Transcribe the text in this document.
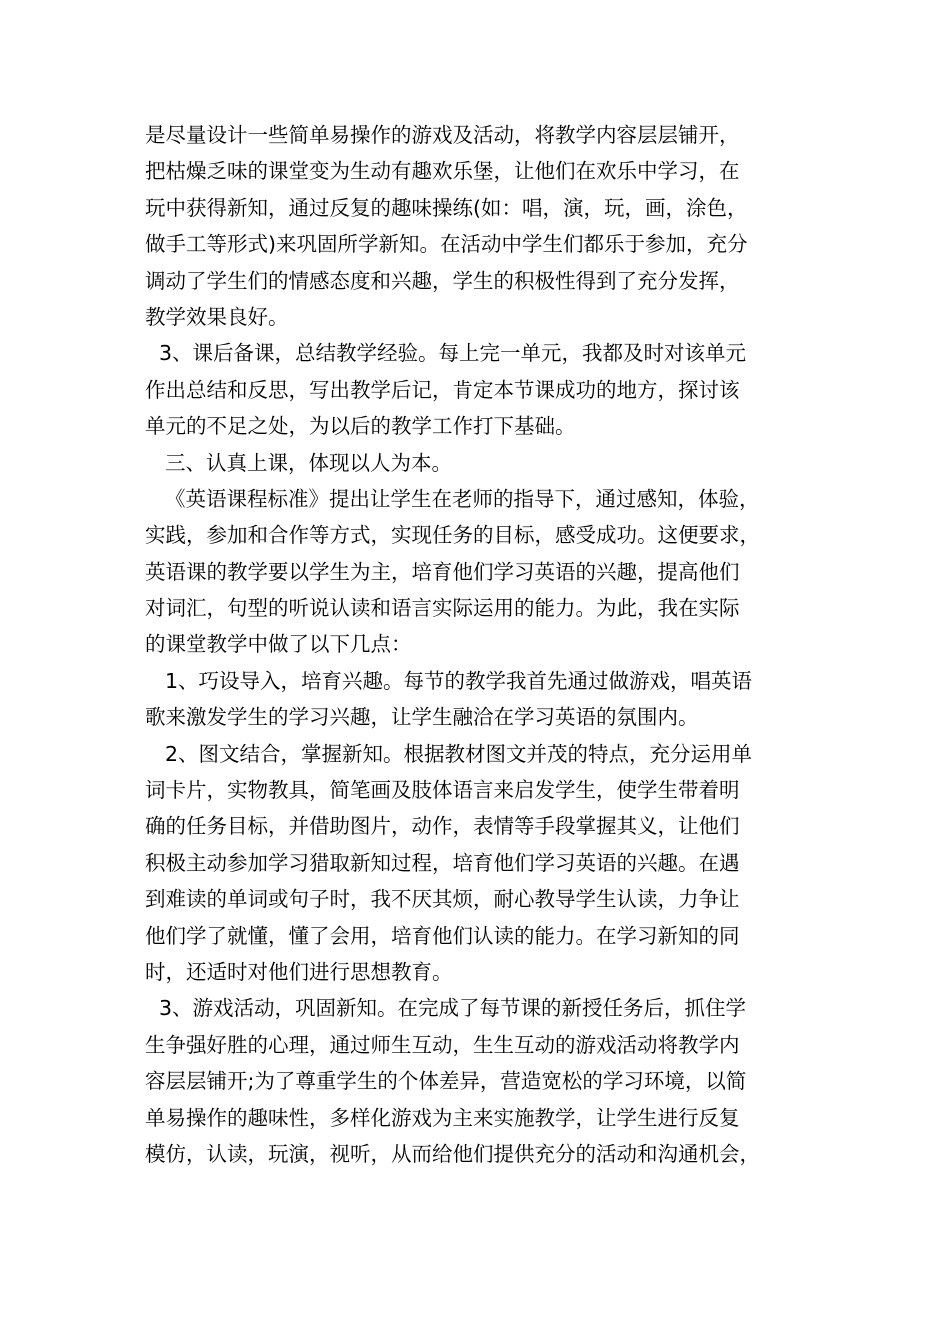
是尽量设计一些简单易操作的游戏及活动，将教学内容层层铺开，
把枯燥乏味的课堂变为生动有趣欢乐堡，让他们在欢乐中学习，在
玩中获得新知，通过反复的趣味操练(如：唱，演，玩，画，涂色，
做手工等形式)来巩固所学新知。在活动中学生们都乐于参加，充分
调动了学生们的情感态度和兴趣，学生的积极性得到了充分发挥，
教学效果良好。
3、课后备课，总结教学经验。每上完一单元，我都及时对该单元
作出总结和反思，写出教学后记，肯定本节课成功的地方，探讨该
单元的不足之处，为以后的教学工作打下基础。
三、认真上课，体现以人为本。
《英语课程标准》提出让学生在老师的指导下，通过感知，体验，
实践，参加和合作等方式，实现任务的目标，感受成功。这便要求，
英语课的教学要以学生为主，培育他们学习英语的兴趣，提高他们
对词汇，句型的听说认读和语言实际运用的能力。为此，我在实际
的课堂教学中做了以下几点：
1、巧设导入，培育兴趣。每节的教学我首先通过做游戏，唱英语
歌来激发学生的学习兴趣，让学生融洽在学习英语的氛围内。
2、图文结合，掌握新知。根据教材图文并茂的特点，充分运用单
词卡片，实物教具，简笔画及肢体语言来启发学生，使学生带着明
确的任务目标，并借助图片，动作，表情等手段掌握其义，让他们
积极主动参加学习猎取新知过程，培育他们学习英语的兴趣。在遇
到难读的单词或句子时，我不厌其烦，耐心教导学生认读，力争让
他们学了就懂，懂了会用，培育他们认读的能力。在学习新知的同
时，还适时对他们进行思想教育。
3、游戏活动，巩固新知。在完成了每节课的新授任务后，抓住学
生争强好胜的心理，通过师生互动，生生互动的游戏活动将教学内
容层层铺开;为了尊重学生的个体差异，营造宽松的学习环境，以简
单易操作的趣味性，多样化游戏为主来实施教学，让学生进行反复
模仿，认读，玩演，视听，从而给他们提供充分的活动和沟通机会，
